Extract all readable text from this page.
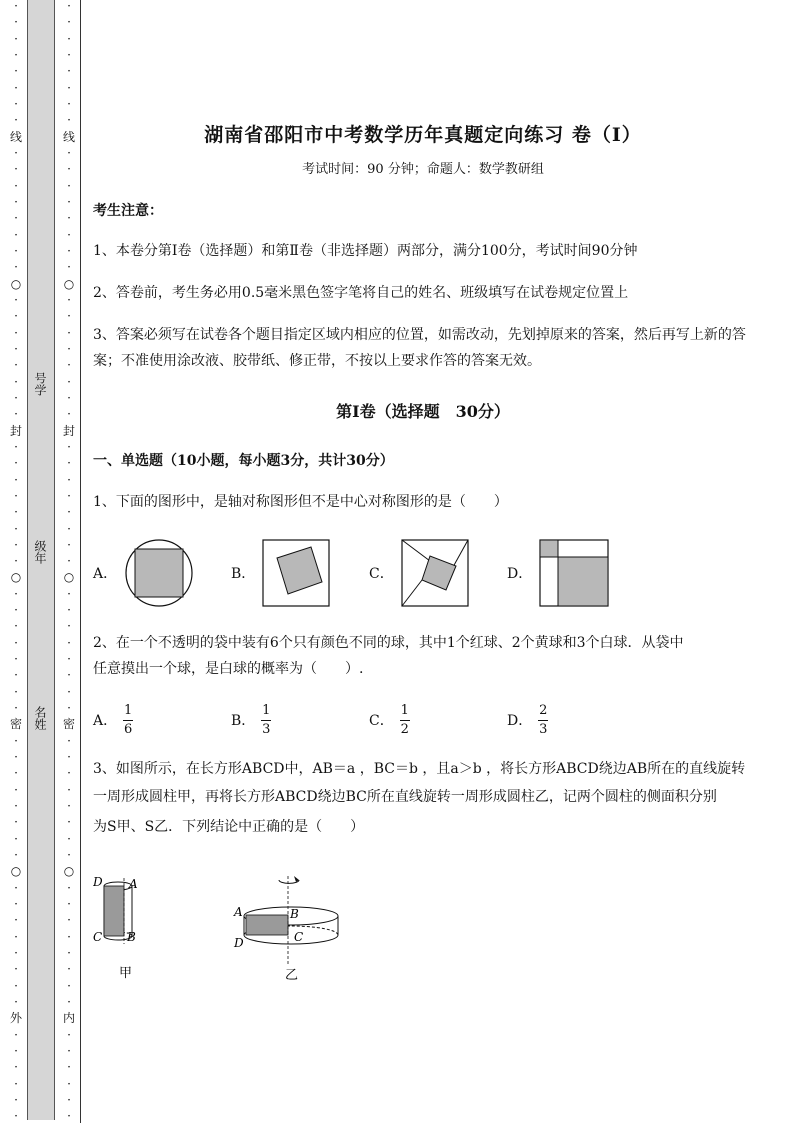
号学
级年
名姓
·
·
·
·
·
·
·
·
线
·
·
·
·
·
·
·
·
○
·
·
·
·
·
·
·
·
封
·
·
·
·
·
·
·
·
○
·
·
·
·
·
·
·
·
密
·
·
·
·
·
·
·
·
○
·
·
·
·
·
·
·
·
外
·
·
·
·
·
·
·
·
·
·
·
·
·
·
线
·
·
·
·
·
·
·
·
○
·
·
·
·
·
·
·
·
封
·
·
·
·
·
·
·
·
○
·
·
·
·
·
·
·
·
密
·
·
·
·
·
·
·
·
○
·
·
·
·
·
·
·
·
内
·
·
·
·
·
·
湖南省邵阳市中考数学历年真题定向练习 卷（Ⅰ）
考试时间：90 分钟；命题人：数学教研组
考生注意：
1、本卷分第Ⅰ卷（选择题）和第Ⅱ卷（非选择题）两部分，满分100分，考试时间90分钟
2、答卷前，考生务必用0.5毫米黑色签字笔将自己的姓名、班级填写在试卷规定位置上
3、答案必须写在试卷各个题目指定区域内相应的位置，如需改动，先划掉原来的答案，然后再写上新的答案；不准使用涂改液、胶带纸、修正带，不按以上要求作答的答案无效。
第Ⅰ卷（选择题　30分）
一、单选题（10小题，每小题3分，共计30分）
1、下面的图形中，是轴对称图形但不是中心对称图形的是（　　）
A．	B．	C．	D．
2、在一个不透明的袋中装有6个只有颜色不同的球，其中1个红球、2个黄球和3个白球．从袋中
任意摸出一个球，是白球的概率为（　　）.
A． $\frac{1}{6}$	B． $\frac{1}{3}$	C． $\frac{1}{2}$	D． $\frac{2}{3}$
3、如图所示，在长方形ABCD中，AB＝a ，BC＝b ，且a＞b ，将长方形ABCD绕边AB所在的直线旋转
一周形成圆柱甲，再将长方形ABCD绕边BC所在直线旋转一周形成圆柱乙，记两个圆柱的侧面积分别
为S甲、S乙．下列结论中正确的是（　　）
D A
C B
甲
A	B
D	C
乙
